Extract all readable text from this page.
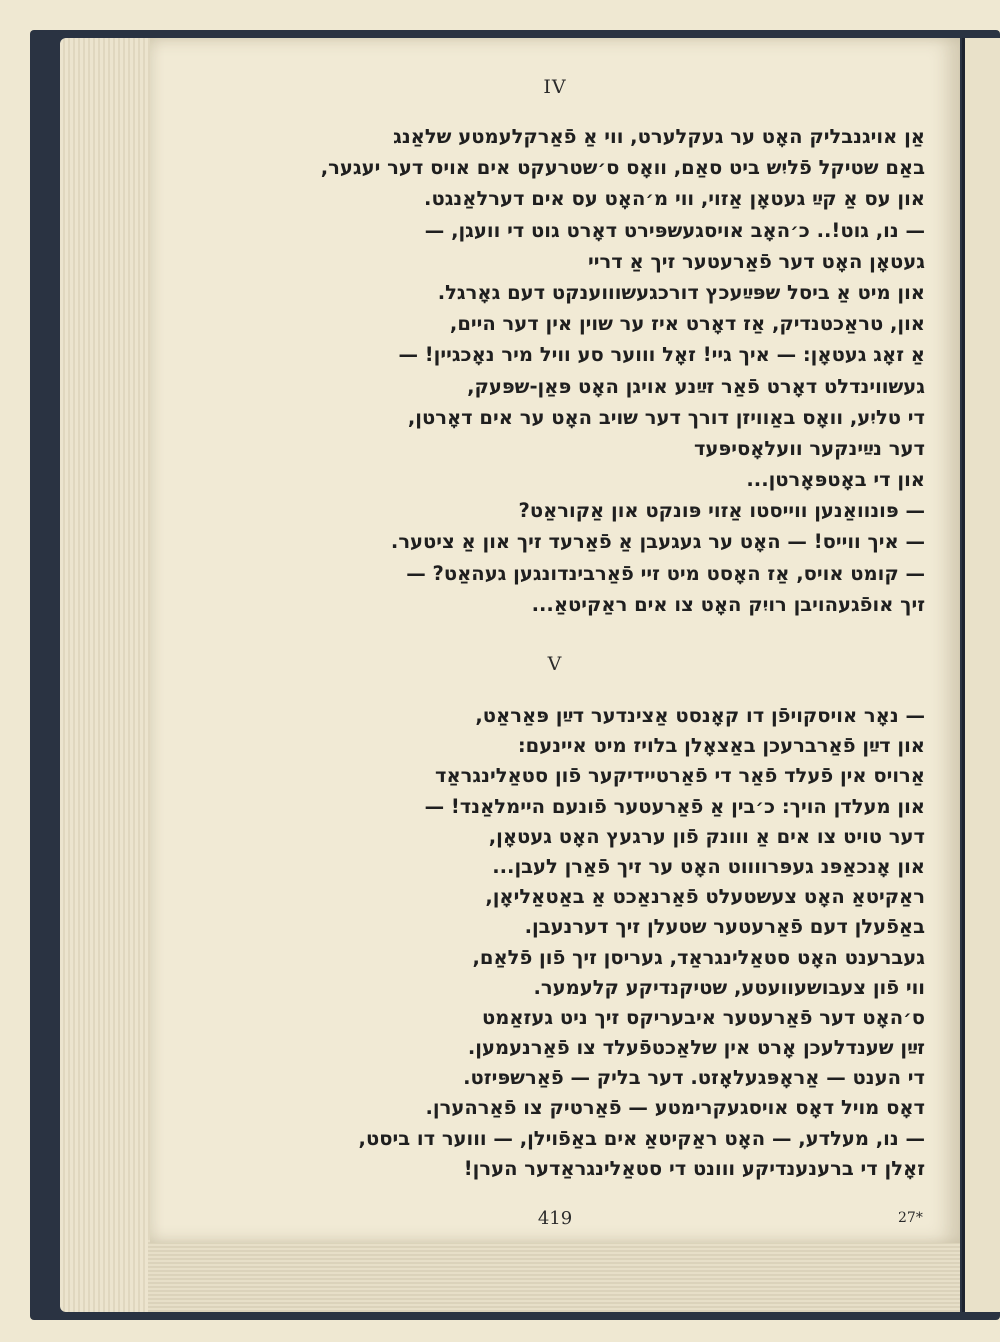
IV
אַן אויגנבליק האָט ער געקלערט, ווי אַ פֿאַרקלעמטע שלאַנג
באַם שטיקל פֿליִש ביט סאַם, וואָס ס׳שטרעקט אים אויס דער יעגער,
און עס אַ קײַ געטאָן אַזוי, ווי מ׳האָט עס אים דערלאַנגט.
— נו, גוט!.. כ׳האָב אויסגעשפּירט דאָרט גוט די וועגן, —
געטאָן האָט דער פֿאַרעטער זיך אַ דריי
און מיט אַ ביסל שפּײַעכץ דורכגעשוווענקט דעם גאָרגל.
און, טראַכטנדיק, אַז דאָרט איז ער שוין אין דער היים,
אַ זאָג געטאָן: — איך גיי! זאָל וווער סע וויל מיר נאָכגיין! —
געשווינדלט דאָרט פֿאַר זײַנע אויגן האָט פּאַן-שפּעק,
די טליִע, וואָס באַוויזן דורך דער שויב האָט ער אים דאָרטן,
דער נײַינקער וועלאָסיפּעד
און די באָטפּאָרטן...
— פּונוואַנען ווייסטו אַזוי פּונקט און אַקוראַט?
— איך ווייס! — האָט ער געגעבן אַ פֿאַרעד זיך און אַ ציטער.
— קומט אויס, אַז האָסט מיט זיי פֿאַרבינדונגען געהאַט? —
זיך אופֿגעהויבן רויִק האָט צו אים ראַקיטאַ...
V
— נאָר אויסקויפֿן דו קאָנסט אַצינדער דײַן פּאַראַט,
און דײַן פֿאַרברעכן באַצאָלן בלויז מיט איינעם:
אַרויס אין פֿעלד פֿאַר די פֿאַרטיידיקער פֿון סטאַלינגראַד
און מעלדן הויך: כ׳בין אַ פֿאַרעטער פֿונעם היימלאַנד! —
דער טויט צו אים אַ ווונק פֿון ערגעץ האָט געטאָן,
און אָנכאַפּנ געפּרווווט האָט ער זיך פֿאַרן לעבן...
ראַקיטאַ האָט צעשטעלט פֿאַרנאַכט אַ באַטאַליאָן,
באַפֿעלן דעם פֿאַרעטער שטעלן זיך דערנעבן.
געברענט האָט סטאַלינגראַד, געריסן זיך פֿון פֿלאַם,
ווי פֿון צעבושעוועטע, שטיקנדיקע קלעמער.
ס׳האָט דער פֿאַרעטער איבעריקס זיך ניט געזאַמט
זײַן שענדלעכן אָרט אין שלאַכטפֿעלד צו פֿאַרנעמען.
די הענט — אַראָפּגעלאָזט. דער בליק — פֿאַרשפּיזט.
דאָס מויל דאָס אויסגעקרימטע — פֿאַרטיק צו פֿאַרהערן.
— נו, מעלדע, — האָט ראַקיטאַ אים באַפֿוילן, — וווער דו ביסט,
זאָלן די ברענענדיקע ווונט די סטאַלינגראַדער הערן!
419	27*
